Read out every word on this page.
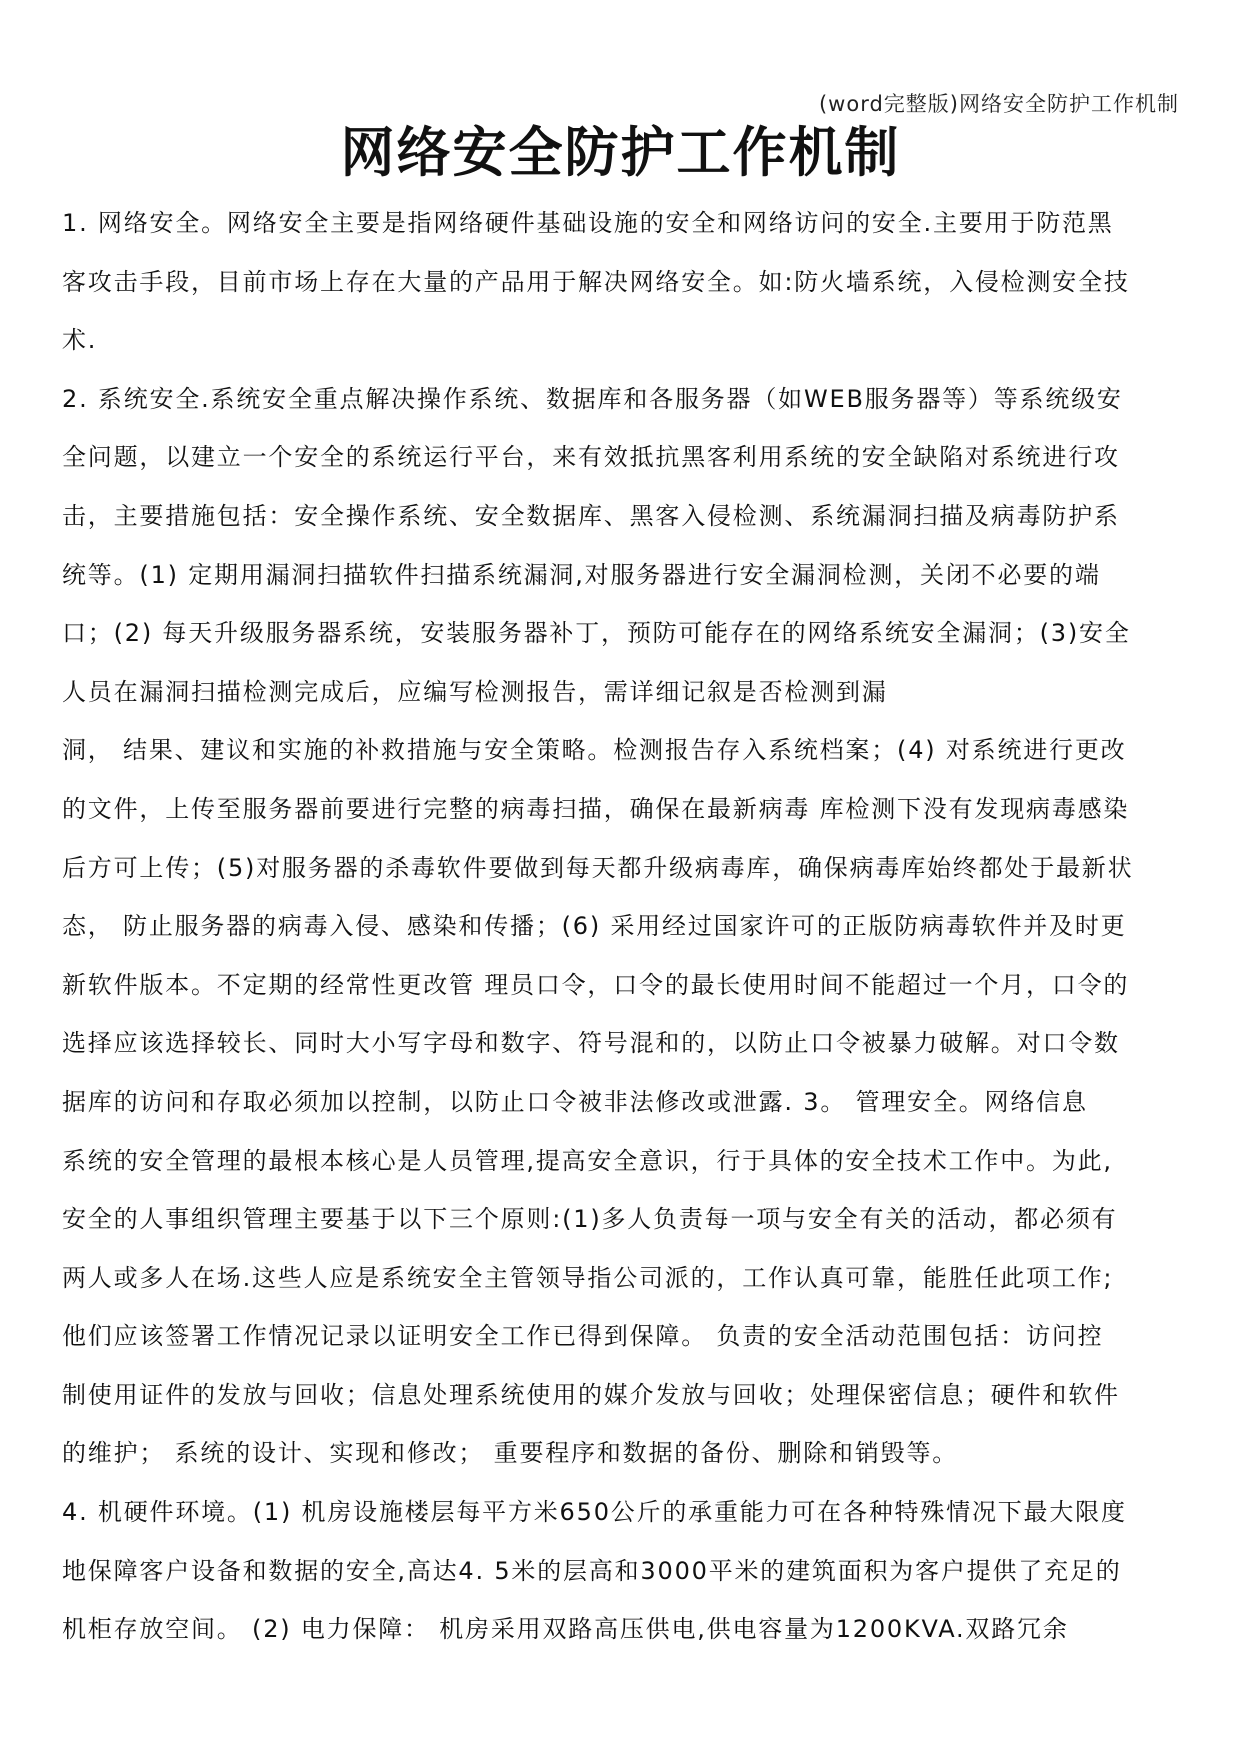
(word完整版)网络安全防护工作机制
网络安全防护工作机制

1. 网络安全。网络安全主要是指网络硬件基础设施的安全和网络访问的安全.主要用于防范黑

客攻击手段，目前市场上存在大量的产品用于解决网络安全。如:防火墙系统，入侵检测安全技

术.

2. 系统安全.系统安全重点解决操作系统、数据库和各服务器（如WEB服务器等）等系统级安

全问题，以建立一个安全的系统运行平台，来有效抵抗黑客利用系统的安全缺陷对系统进行攻

击，主要措施包括：安全操作系统、安全数据库、黑客入侵检测、系统漏洞扫描及病毒防护系

统等。(1) 定期用漏洞扫描软件扫描系统漏洞,对服务器进行安全漏洞检测，关闭不必要的端

口；(2) 每天升级服务器系统，安装服务器补丁，预防可能存在的网络系统安全漏洞；(3)安全

人员在漏洞扫描检测完成后，应编写检测报告，需详细记叙是否检测到漏

洞， 结果、建议和实施的补救措施与安全策略。检测报告存入系统档案；(4) 对系统进行更改

的文件，上传至服务器前要进行完整的病毒扫描，确保在最新病毒 库检测下没有发现病毒感染

后方可上传；(5)对服务器的杀毒软件要做到每天都升级病毒库，确保病毒库始终都处于最新状

态， 防止服务器的病毒入侵、感染和传播；(6) 采用经过国家许可的正版防病毒软件并及时更

新软件版本。不定期的经常性更改管 理员口令，口令的最长使用时间不能超过一个月，口令的

选择应该选择较长、同时大小写字母和数字、符号混和的，以防止口令被暴力破解。对口令数

据库的访问和存取必须加以控制，以防止口令被非法修改或泄露. 3。 管理安全。网络信息

系统的安全管理的最根本核心是人员管理,提高安全意识，行于具体的安全技术工作中。为此,

安全的人事组织管理主要基于以下三个原则:(1)多人负责每一项与安全有关的活动，都必须有

两人或多人在场.这些人应是系统安全主管领导指公司派的，工作认真可靠，能胜任此项工作;

他们应该签署工作情况记录以证明安全工作已得到保障。 负责的安全活动范围包括：访问控

制使用证件的发放与回收；信息处理系统使用的媒介发放与回收；处理保密信息；硬件和软件

的维护； 系统的设计、实现和修改； 重要程序和数据的备份、删除和销毁等。

4. 机硬件环境。(1) 机房设施楼层每平方米650公斤的承重能力可在各种特殊情况下最大限度

地保障客户设备和数据的安全,高达4. 5米的层高和3000平米的建筑面积为客户提供了充足的

机柜存放空间。 (2) 电力保障： 机房采用双路高压供电,供电容量为1200KVA.双路冗余
